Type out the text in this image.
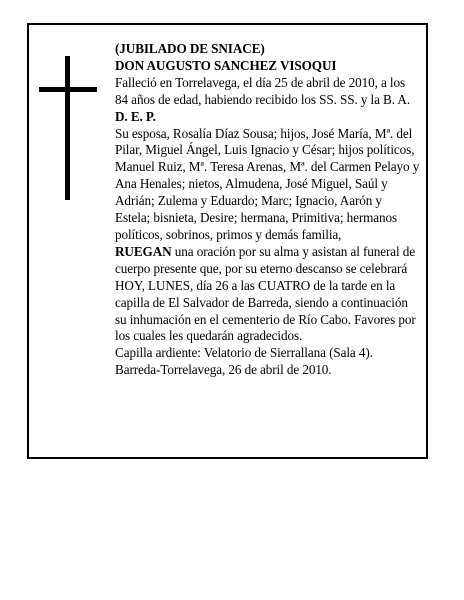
(JUBILADO DE SNIACE)

DON AUGUSTO SANCHEZ VISOQUI

Falleció en Torrelavega, el día 25 de abril de 2010, a los 84 años de edad, habiendo recibido los SS. SS. y la B. A.

D. E. P.

Su esposa, Rosalía Díaz Sousa; hijos, José María, Mª. del Pilar, Miguel Ángel, Luis Ignacio y César; hijos políticos, Manuel Ruiz, Mª. Teresa Arenas, Mª. del Carmen Pelayo y Ana Henales; nietos, Almudena, José Miguel, Saúl y Adrián; Zulema y Eduardo; Marc; Ignacio, Aarón y Estela; bisnieta, Desire; hermana, Primitiva; hermanos políticos, sobrinos, primos y demás familia,

RUEGAN una oración por su alma y asistan al funeral de cuerpo presente que, por su eterno descanso se celebrará HOY, LUNES, día 26 a las CUATRO de la tarde en la capilla de El Salvador de Barreda, siendo a continuación su inhumación en el cementerio de Río Cabo. Favores por los cuales les quedarán agradecidos.

Capilla ardiente: Velatorio de Sierrallana (Sala 4).

Barreda-Torrelavega, 26 de abril de 2010.
